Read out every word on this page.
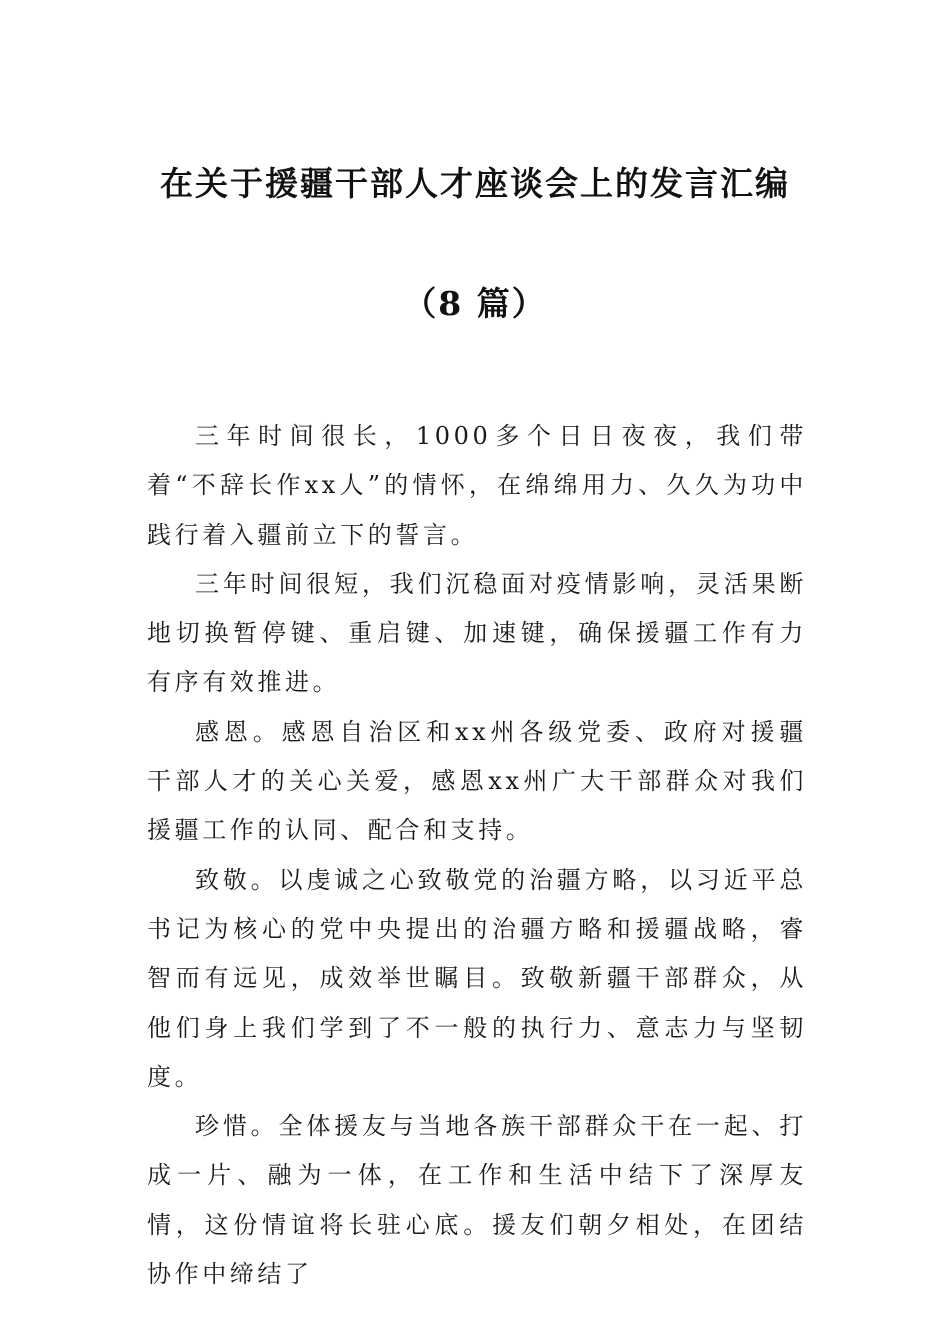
在关于援疆干部人才座谈会上的发言汇编
（8 篇）

三年时间很长，1000多个日日夜夜，我们带着“不辞长作xx人”的情怀，在绵绵用力、久久为功中践行着入疆前立下的誓言。

三年时间很短，我们沉稳面对疫情影响，灵活果断地切换暂停键、重启键、加速键，确保援疆工作有力有序有效推进。

感恩。感恩自治区和xx州各级党委、政府对援疆干部人才的关心关爱，感恩xx州广大干部群众对我们援疆工作的认同、配合和支持。

致敬。以虔诚之心致敬党的治疆方略，以习近平总书记为核心的党中央提出的治疆方略和援疆战略，睿智而有远见，成效举世瞩目。致敬新疆干部群众，从他们身上我们学到了不一般的执行力、意志力与坚韧度。

珍惜。全体援友与当地各族干部群众干在一起、打成一片、融为一体，在工作和生活中结下了深厚友情，这份情谊将长驻心底。援友们朝夕相处，在团结协作中缔结了
